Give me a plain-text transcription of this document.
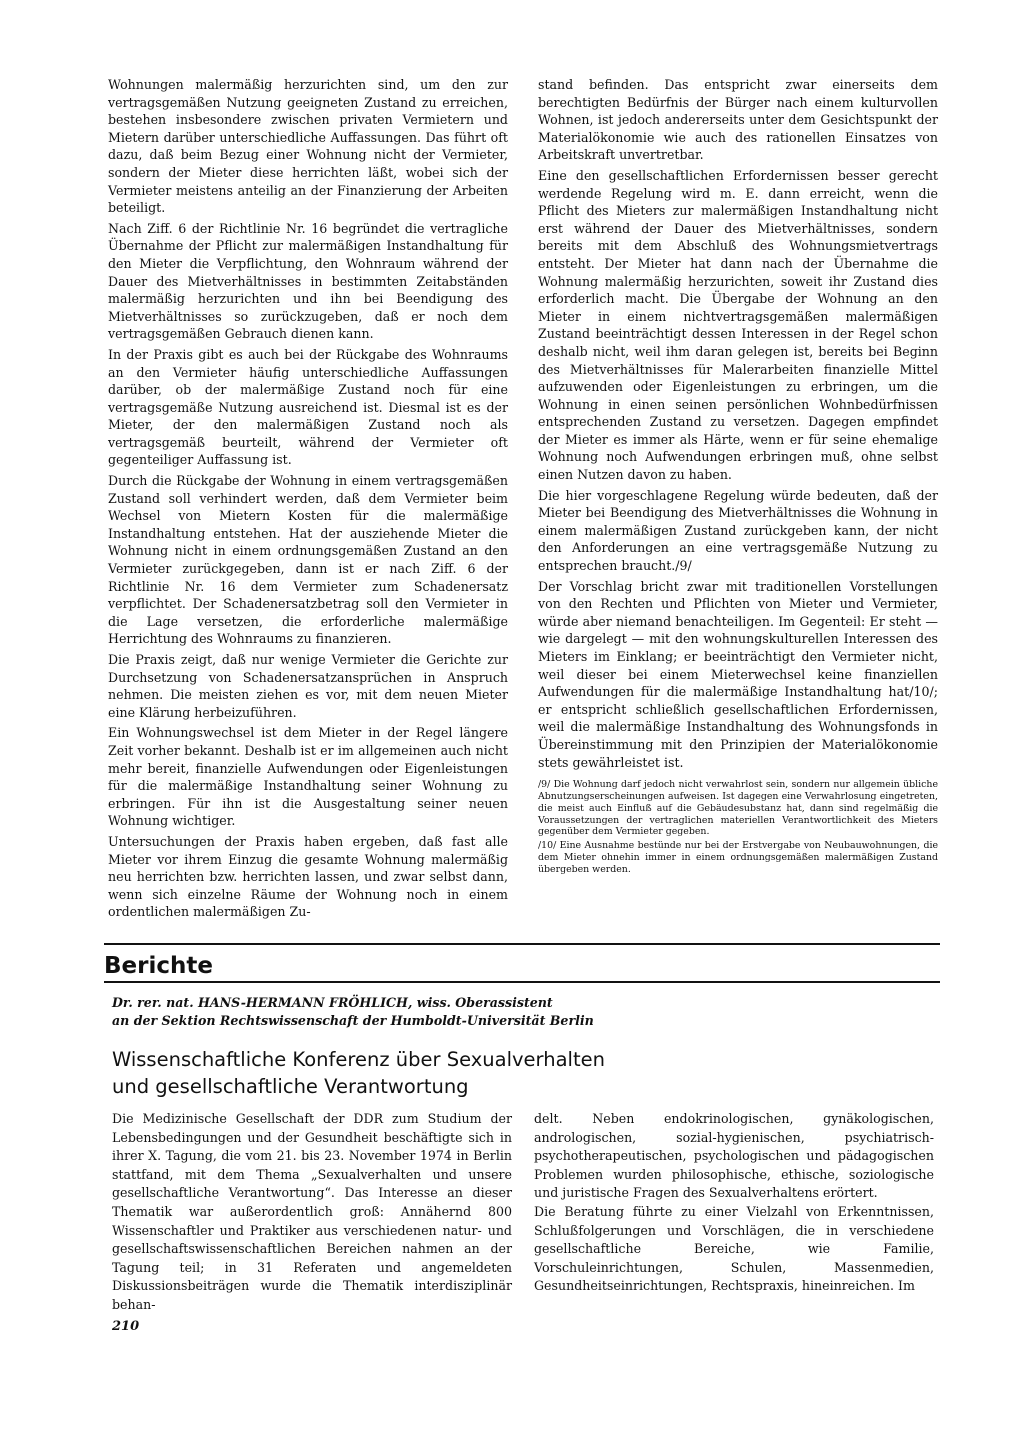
Wohnungen malermäßig herzurichten sind, um den zur vertragsgemäßen Nutzung geeigneten Zustand zu erreichen, bestehen insbesondere zwischen privaten Vermietern und Mietern darüber unterschiedliche Auffassungen. Das führt oft dazu, daß beim Bezug einer Wohnung nicht der Vermieter, sondern der Mieter diese herrichten läßt, wobei sich der Vermieter meistens anteilig an der Finanzierung der Arbeiten beteiligt.

Nach Ziff. 6 der Richtlinie Nr. 16 begründet die vertragliche Übernahme der Pflicht zur malermäßigen Instandhaltung für den Mieter die Verpflichtung, den Wohnraum während der Dauer des Mietverhältnisses in bestimmten Zeitabständen malermäßig herzurichten und ihn bei Beendigung des Mietverhältnisses so zurückzugeben, daß er noch dem vertragsgemäßen Gebrauch dienen kann.

In der Praxis gibt es auch bei der Rückgabe des Wohnraums an den Vermieter häufig unterschiedliche Auffassungen darüber, ob der malermäßige Zustand noch für eine vertragsgemäße Nutzung ausreichend ist. Diesmal ist es der Mieter, der den malermäßigen Zustand noch als vertragsgemäß beurteilt, während der Vermieter oft gegenteiliger Auffassung ist.

Durch die Rückgabe der Wohnung in einem vertragsgemäßen Zustand soll verhindert werden, daß dem Vermieter beim Wechsel von Mietern Kosten für die malermäßige Instandhaltung entstehen. Hat der ausziehende Mieter die Wohnung nicht in einem ordnungsgemäßen Zustand an den Vermieter zurückgegeben, dann ist er nach Ziff. 6 der Richtlinie Nr. 16 dem Vermieter zum Schadenersatz verpflichtet. Der Schadenersatzbetrag soll den Vermieter in die Lage versetzen, die erforderliche malermäßige Herrichtung des Wohnraums zu finanzieren.

Die Praxis zeigt, daß nur wenige Vermieter die Gerichte zur Durchsetzung von Schadenersatzansprüchen in Anspruch nehmen. Die meisten ziehen es vor, mit dem neuen Mieter eine Klärung herbeizuführen.

Ein Wohnungswechsel ist dem Mieter in der Regel längere Zeit vorher bekannt. Deshalb ist er im allgemeinen auch nicht mehr bereit, finanzielle Aufwendungen oder Eigenleistungen für die malermäßige Instandhaltung seiner Wohnung zu erbringen. Für ihn ist die Ausgestaltung seiner neuen Wohnung wichtiger.

Untersuchungen der Praxis haben ergeben, daß fast alle Mieter vor ihrem Einzug die gesamte Wohnung malermäßig neu herrichten bzw. herrichten lassen, und zwar selbst dann, wenn sich einzelne Räume der Wohnung noch in einem ordentlichen malermäßigen Zu-

stand befinden. Das entspricht zwar einerseits dem berechtigten Bedürfnis der Bürger nach einem kulturvollen Wohnen, ist jedoch andererseits unter dem Gesichtspunkt der Materialökonomie wie auch des rationellen Einsatzes von Arbeitskraft unvertretbar.

Eine den gesellschaftlichen Erfordernissen besser gerecht werdende Regelung wird m. E. dann erreicht, wenn die Pflicht des Mieters zur malermäßigen Instandhaltung nicht erst während der Dauer des Mietverhältnisses, sondern bereits mit dem Abschluß des Wohnungsmietvertrags entsteht. Der Mieter hat dann nach der Übernahme die Wohnung malermäßig herzurichten, soweit ihr Zustand dies erforderlich macht. Die Übergabe der Wohnung an den Mieter in einem nichtvertragsgemäßen malermäßigen Zustand beeinträchtigt dessen Interessen in der Regel schon deshalb nicht, weil ihm daran gelegen ist, bereits bei Beginn des Mietverhältnisses für Malerarbeiten finanzielle Mittel aufzuwenden oder Eigenleistungen zu erbringen, um die Wohnung in einen seinen persönlichen Wohnbedürfnissen entsprechenden Zustand zu versetzen. Dagegen empfindet der Mieter es immer als Härte, wenn er für seine ehemalige Wohnung noch Aufwendungen erbringen muß, ohne selbst einen Nutzen davon zu haben.

Die hier vorgeschlagene Regelung würde bedeuten, daß der Mieter bei Beendigung des Mietverhältnisses die Wohnung in einem malermäßigen Zustand zurückgeben kann, der nicht den Anforderungen an eine vertragsgemäße Nutzung zu entsprechen braucht./9/

Der Vorschlag bricht zwar mit traditionellen Vorstellungen von den Rechten und Pflichten von Mieter und Vermieter, würde aber niemand benachteiligen. Im Gegenteil: Er steht — wie dargelegt — mit den wohnungskulturellen Interessen des Mieters im Einklang; er beeinträchtigt den Vermieter nicht, weil dieser bei einem Mieterwechsel keine finanziellen Aufwendungen für die malermäßige Instandhaltung hat/10/; er entspricht schließlich gesellschaftlichen Erfordernissen, weil die malermäßige Instandhaltung des Wohnungsfonds in Übereinstimmung mit den Prinzipien der Materialökonomie stets gewährleistet ist.

/9/ Die Wohnung darf jedoch nicht verwahrlost sein, sondern nur allgemein übliche Abnutzungserscheinungen aufweisen. Ist dagegen eine Verwahrlosung eingetreten, die meist auch Einfluß auf die Gebäudesubstanz hat, dann sind regelmäßig die Voraussetzungen der vertraglichen materiellen Verantwortlichkeit des Mieters gegenüber dem Vermieter gegeben.

/10/ Eine Ausnahme bestünde nur bei der Erstvergabe von Neubauwohnungen, die dem Mieter ohnehin immer in einem ordnungsgemäßen malermäßigen Zustand übergeben werden.

Berichte
Dr. rer. nat. HANS-HERMANN FRÖHLICH, wiss. Oberassistent
an der Sektion Rechtswissenschaft der Humboldt-Universität Berlin
Wissenschaftliche Konferenz über Sexualverhalten
und gesellschaftliche Verantwortung

Die Medizinische Gesellschaft der DDR zum Studium der Lebensbedingungen und der Gesundheit beschäftigte sich in ihrer X. Tagung, die vom 21. bis 23. November 1974 in Berlin stattfand, mit dem Thema „Sexualverhalten und unsere gesellschaftliche Verantwortung“. Das Interesse an dieser Thematik war außerordentlich groß: Annähernd 800 Wissenschaftler und Praktiker aus verschiedenen natur- und gesellschaftswissenschaftlichen Bereichen nahmen an der Tagung teil; in 31 Referaten und angemeldeten Diskussionsbeiträgen wurde die Thematik interdisziplinär behan-

delt. Neben endokrinologischen, gynäkologischen, andrologischen, sozial-hygienischen, psychiatrisch-psychotherapeutischen, psychologischen und pädagogischen Problemen wurden philosophische, ethische, soziologische und juristische Fragen des Sexualverhaltens erörtert.

Die Beratung führte zu einer Vielzahl von Erkenntnissen, Schlußfolgerungen und Vorschlägen, die in verschiedene gesellschaftliche Bereiche, wie Familie, Vorschuleinrichtungen, Schulen, Massenmedien, Gesundheitseinrichtungen, Rechtspraxis, hineinreichen. Im

210
